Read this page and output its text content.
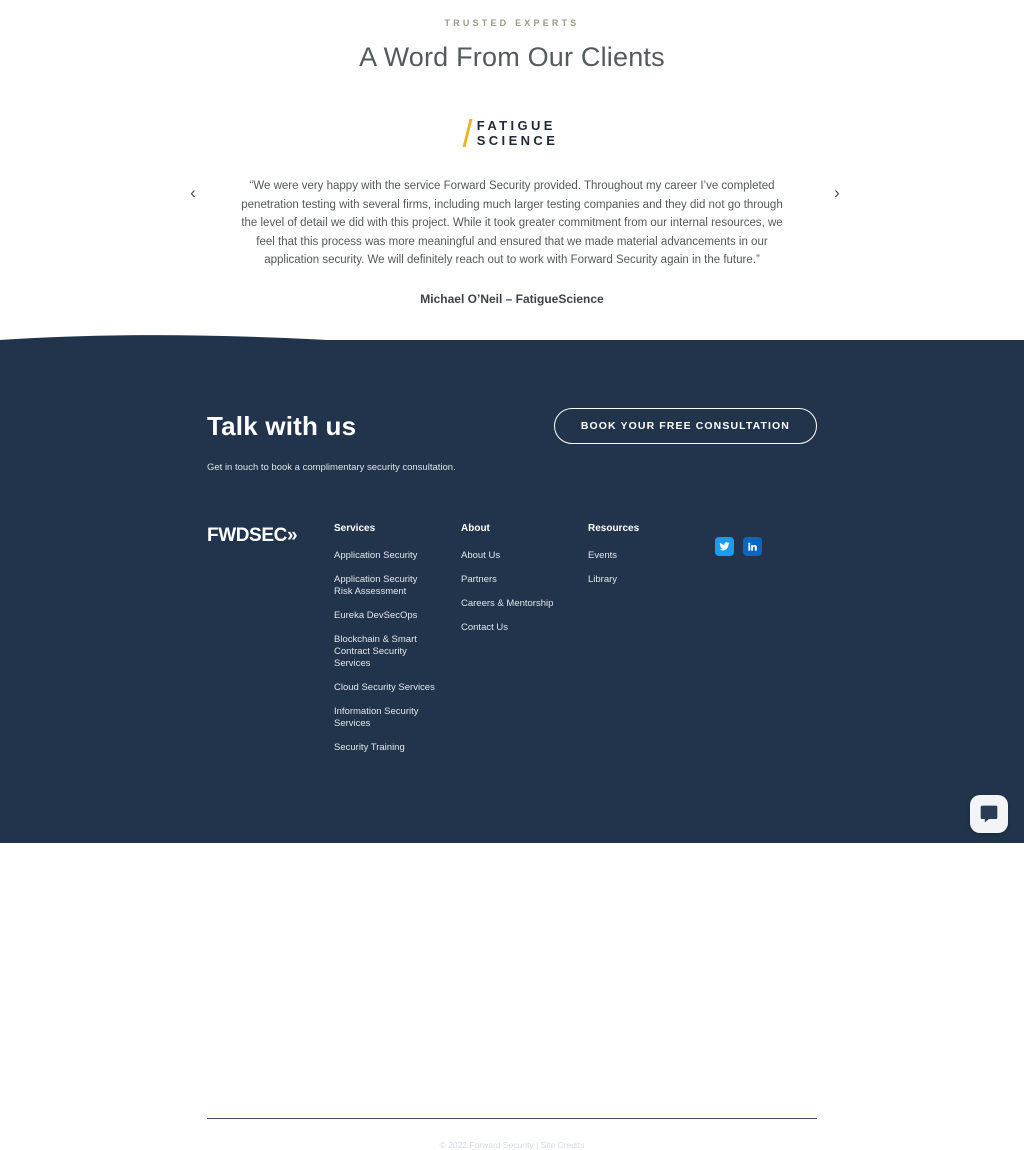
TRUSTED EXPERTS
A Word From Our Clients
FATIGUE
SCIENCE

“We were very happy with the service Forward Security provided. Throughout my career I’ve completed penetration testing with several firms, including much larger testing companies and they did not go through the level of detail we did with this project. While it took greater commitment from our internal resources, we feel that this process was more meaningful and ensured that we made material advancements in our application security. We will definitely reach out to work with Forward Security again in the future.”

Michael O’Neil – FatigueScience
‹	›
Talk with us	BOOK YOUR FREE CONSULTATION
Get in touch to book a complimentary security consultation.
FWDSEC»	Services
Application Security
Application Security Risk Assessment
Eureka DevSecOps
Blockchain & Smart Contract Security Services
Cloud Security Services
Information Security Services
Security Training
About
About Us
Partners
Careers & Mentorship
Contact Us
Resources
Events
Library
© 2022 Forward Security | Site Credits
